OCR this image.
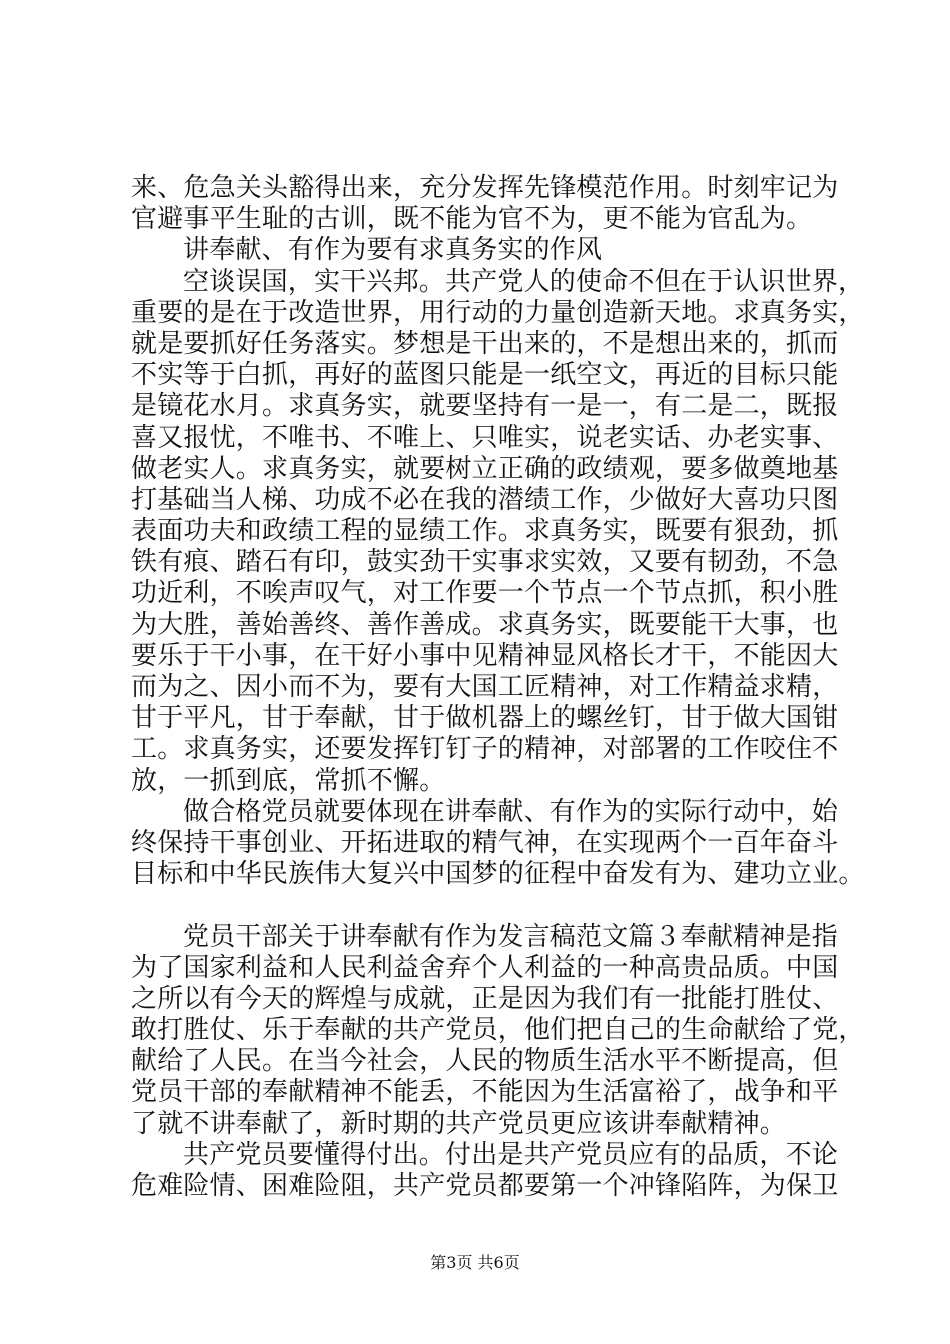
来、危急关头豁得出来，充分发挥先锋模范作用。时刻牢记为
官避事平生耻的古训，既不能为官不为，更不能为官乱为。
讲奉献、有作为要有求真务实的作风
空谈误国，实干兴邦。共产党人的使命不但在于认识世界，
重要的是在于改造世界，用行动的力量创造新天地。求真务实，
就是要抓好任务落实。梦想是干出来的，不是想出来的，抓而
不实等于白抓，再好的蓝图只能是一纸空文，再近的目标只能
是镜花水月。求真务实，就要坚持有一是一，有二是二，既报
喜又报忧，不唯书、不唯上、只唯实，说老实话、办老实事、
做老实人。求真务实，就要树立正确的政绩观，要多做奠地基
打基础当人梯、功成不必在我的潜绩工作，少做好大喜功只图
表面功夫和政绩工程的显绩工作。求真务实，既要有狠劲，抓
铁有痕、踏石有印，鼓实劲干实事求实效，又要有韧劲，不急
功近利，不唉声叹气，对工作要一个节点一个节点抓，积小胜
为大胜，善始善终、善作善成。求真务实，既要能干大事，也
要乐于干小事，在干好小事中见精神显风格长才干，不能因大
而为之、因小而不为，要有大国工匠精神，对工作精益求精，
甘于平凡，甘于奉献，甘于做机器上的螺丝钉，甘于做大国钳
工。求真务实，还要发挥钉钉子的精神，对部署的工作咬住不
放，一抓到底，常抓不懈。
做合格党员就要体现在讲奉献、有作为的实际行动中，始
终保持干事创业、开拓进取的精气神，在实现两个一百年奋斗
目标和中华民族伟大复兴中国梦的征程中奋发有为、建功立业。
党员干部关于讲奉献有作为发言稿范文篇３奉献精神是指
为了国家利益和人民利益舍弃个人利益的一种高贵品质。中国
之所以有今天的辉煌与成就，正是因为我们有一批能打胜仗、
敢打胜仗、乐于奉献的共产党员，他们把自己的生命献给了党，
献给了人民。在当今社会，人民的物质生活水平不断提高，但
党员干部的奉献精神不能丢，不能因为生活富裕了，战争和平
了就不讲奉献了，新时期的共产党员更应该讲奉献精神。
共产党员要懂得付出。付出是共产党员应有的品质，不论
危难险情、困难险阻，共产党员都要第一个冲锋陷阵，为保卫
第3页 共6页
